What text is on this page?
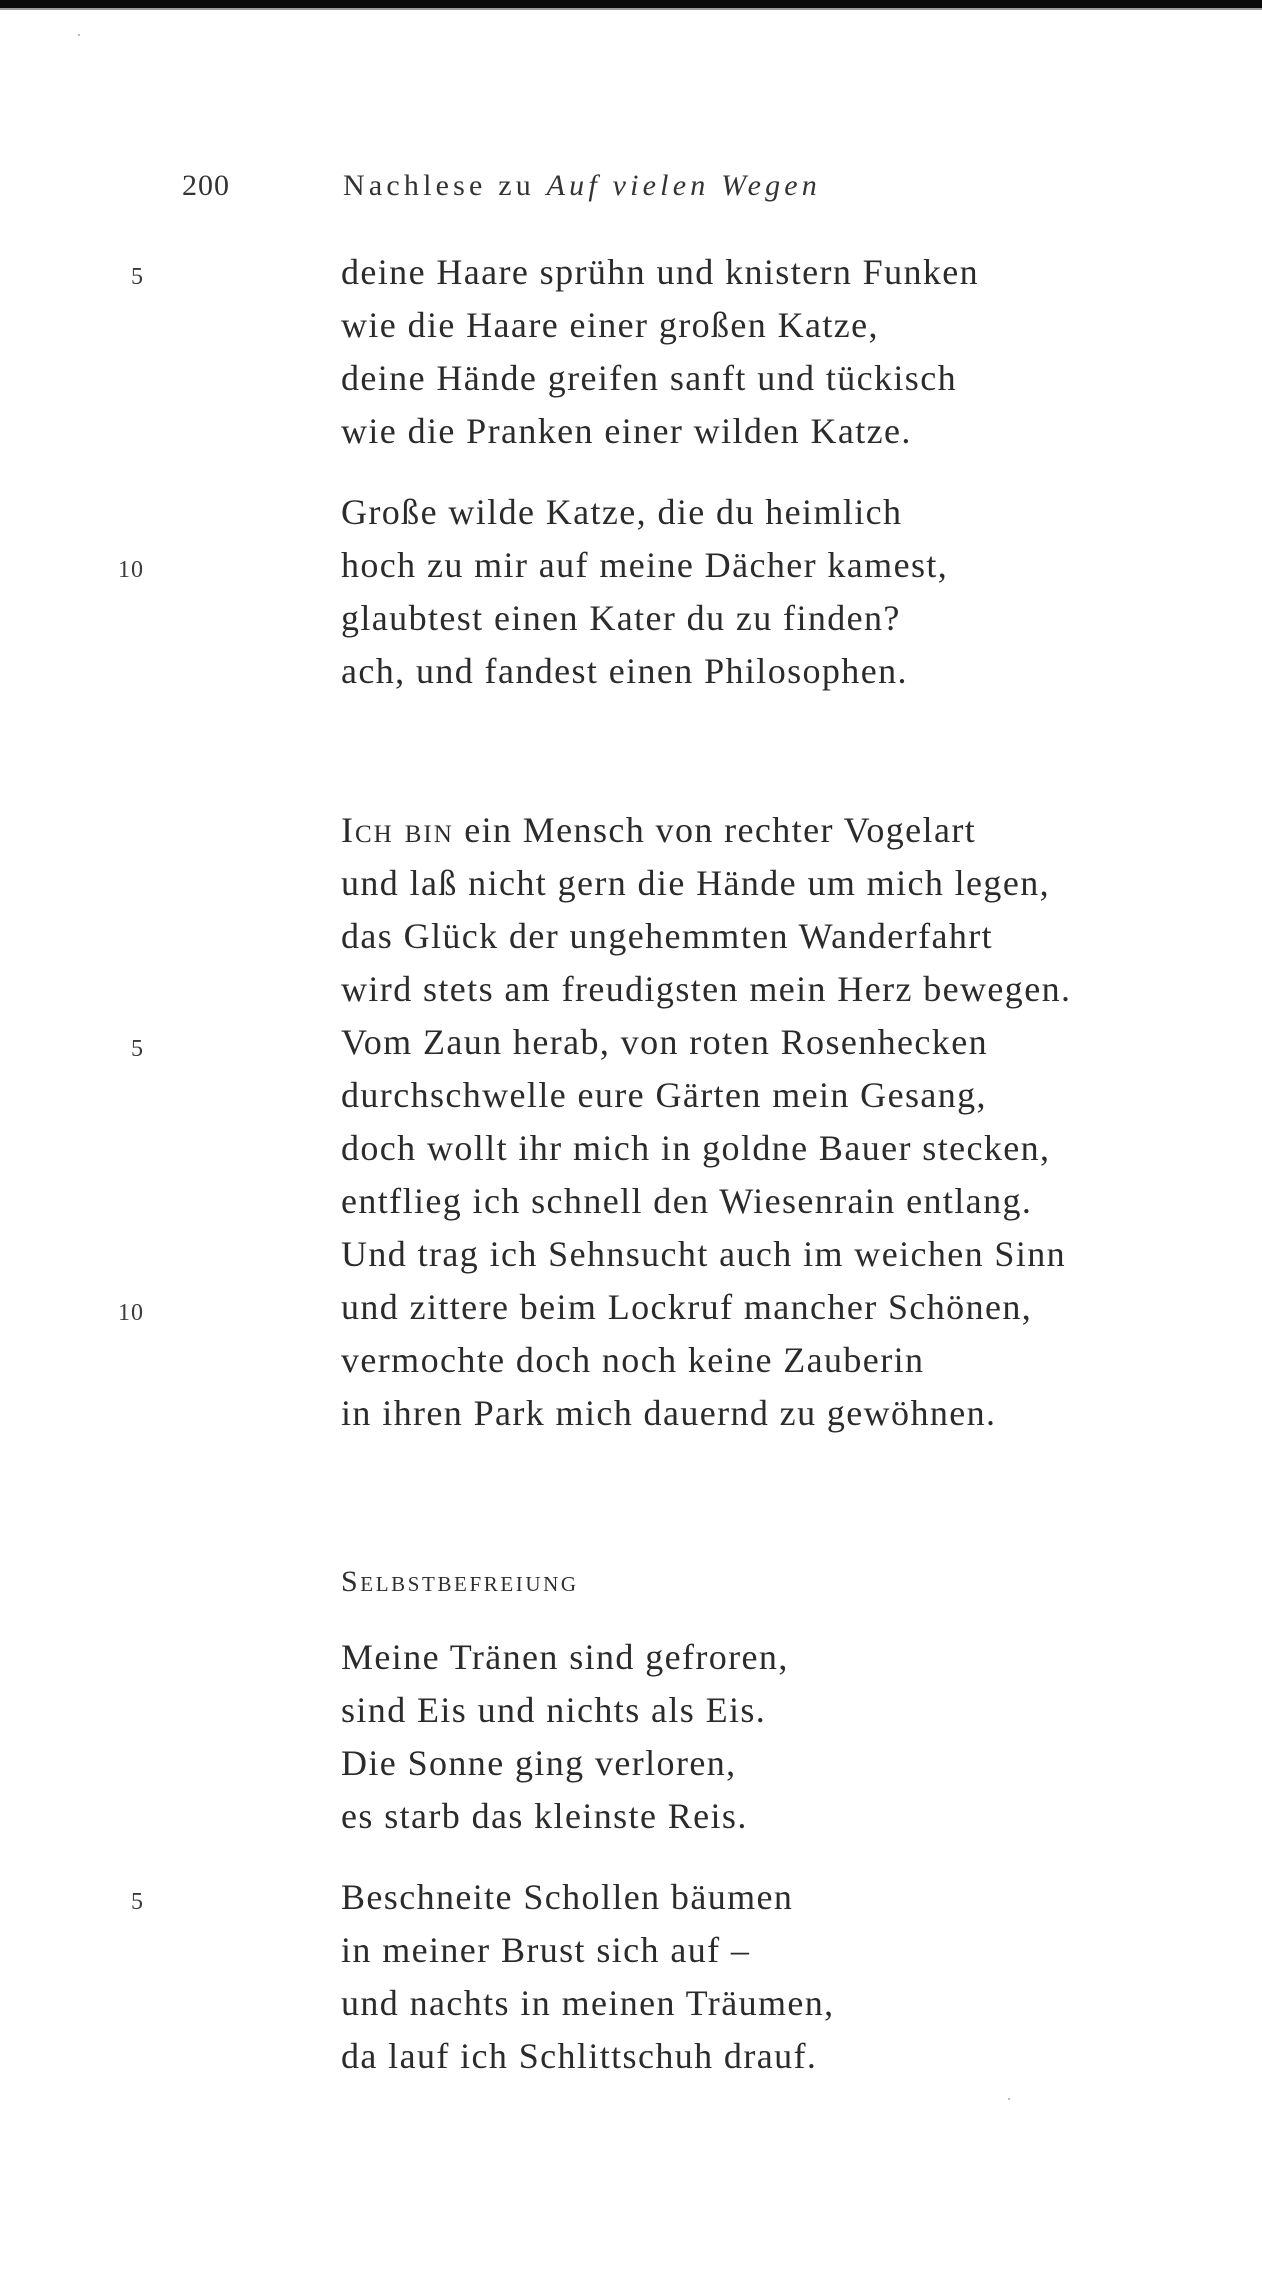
200	Nachlese zu Auf vielen Wegen
deine Haare sprühn und knistern Funken
wie die Haare einer großen Katze,
deine Hände greifen sanft und tückisch
wie die Pranken einer wilden Katze.
Große wilde Katze, die du heimlich
hoch zu mir auf meine Dächer kamest,
glaubtest einen Kater du zu finden?
ach, und fandest einen Philosophen.
5
10
Ich bin ein Mensch von rechter Vogelart
und laß nicht gern die Hände um mich legen,
das Glück der ungehemmten Wanderfahrt
wird stets am freudigsten mein Herz bewegen.
Vom Zaun herab, von roten Rosenhecken
durchschwelle eure Gärten mein Gesang,
doch wollt ihr mich in goldne Bauer stecken,
entflieg ich schnell den Wiesenrain entlang.
Und trag ich Sehnsucht auch im weichen Sinn
und zittere beim Lockruf mancher Schönen,
vermochte doch noch keine Zauberin
in ihren Park mich dauernd zu gewöhnen.
5
10
Selbstbefreiung
Meine Tränen sind gefroren,
sind Eis und nichts als Eis.
Die Sonne ging verloren,
es starb das kleinste Reis.
Beschneite Schollen bäumen
in meiner Brust sich auf –
und nachts in meinen Träumen,
da lauf ich Schlittschuh drauf.
5
